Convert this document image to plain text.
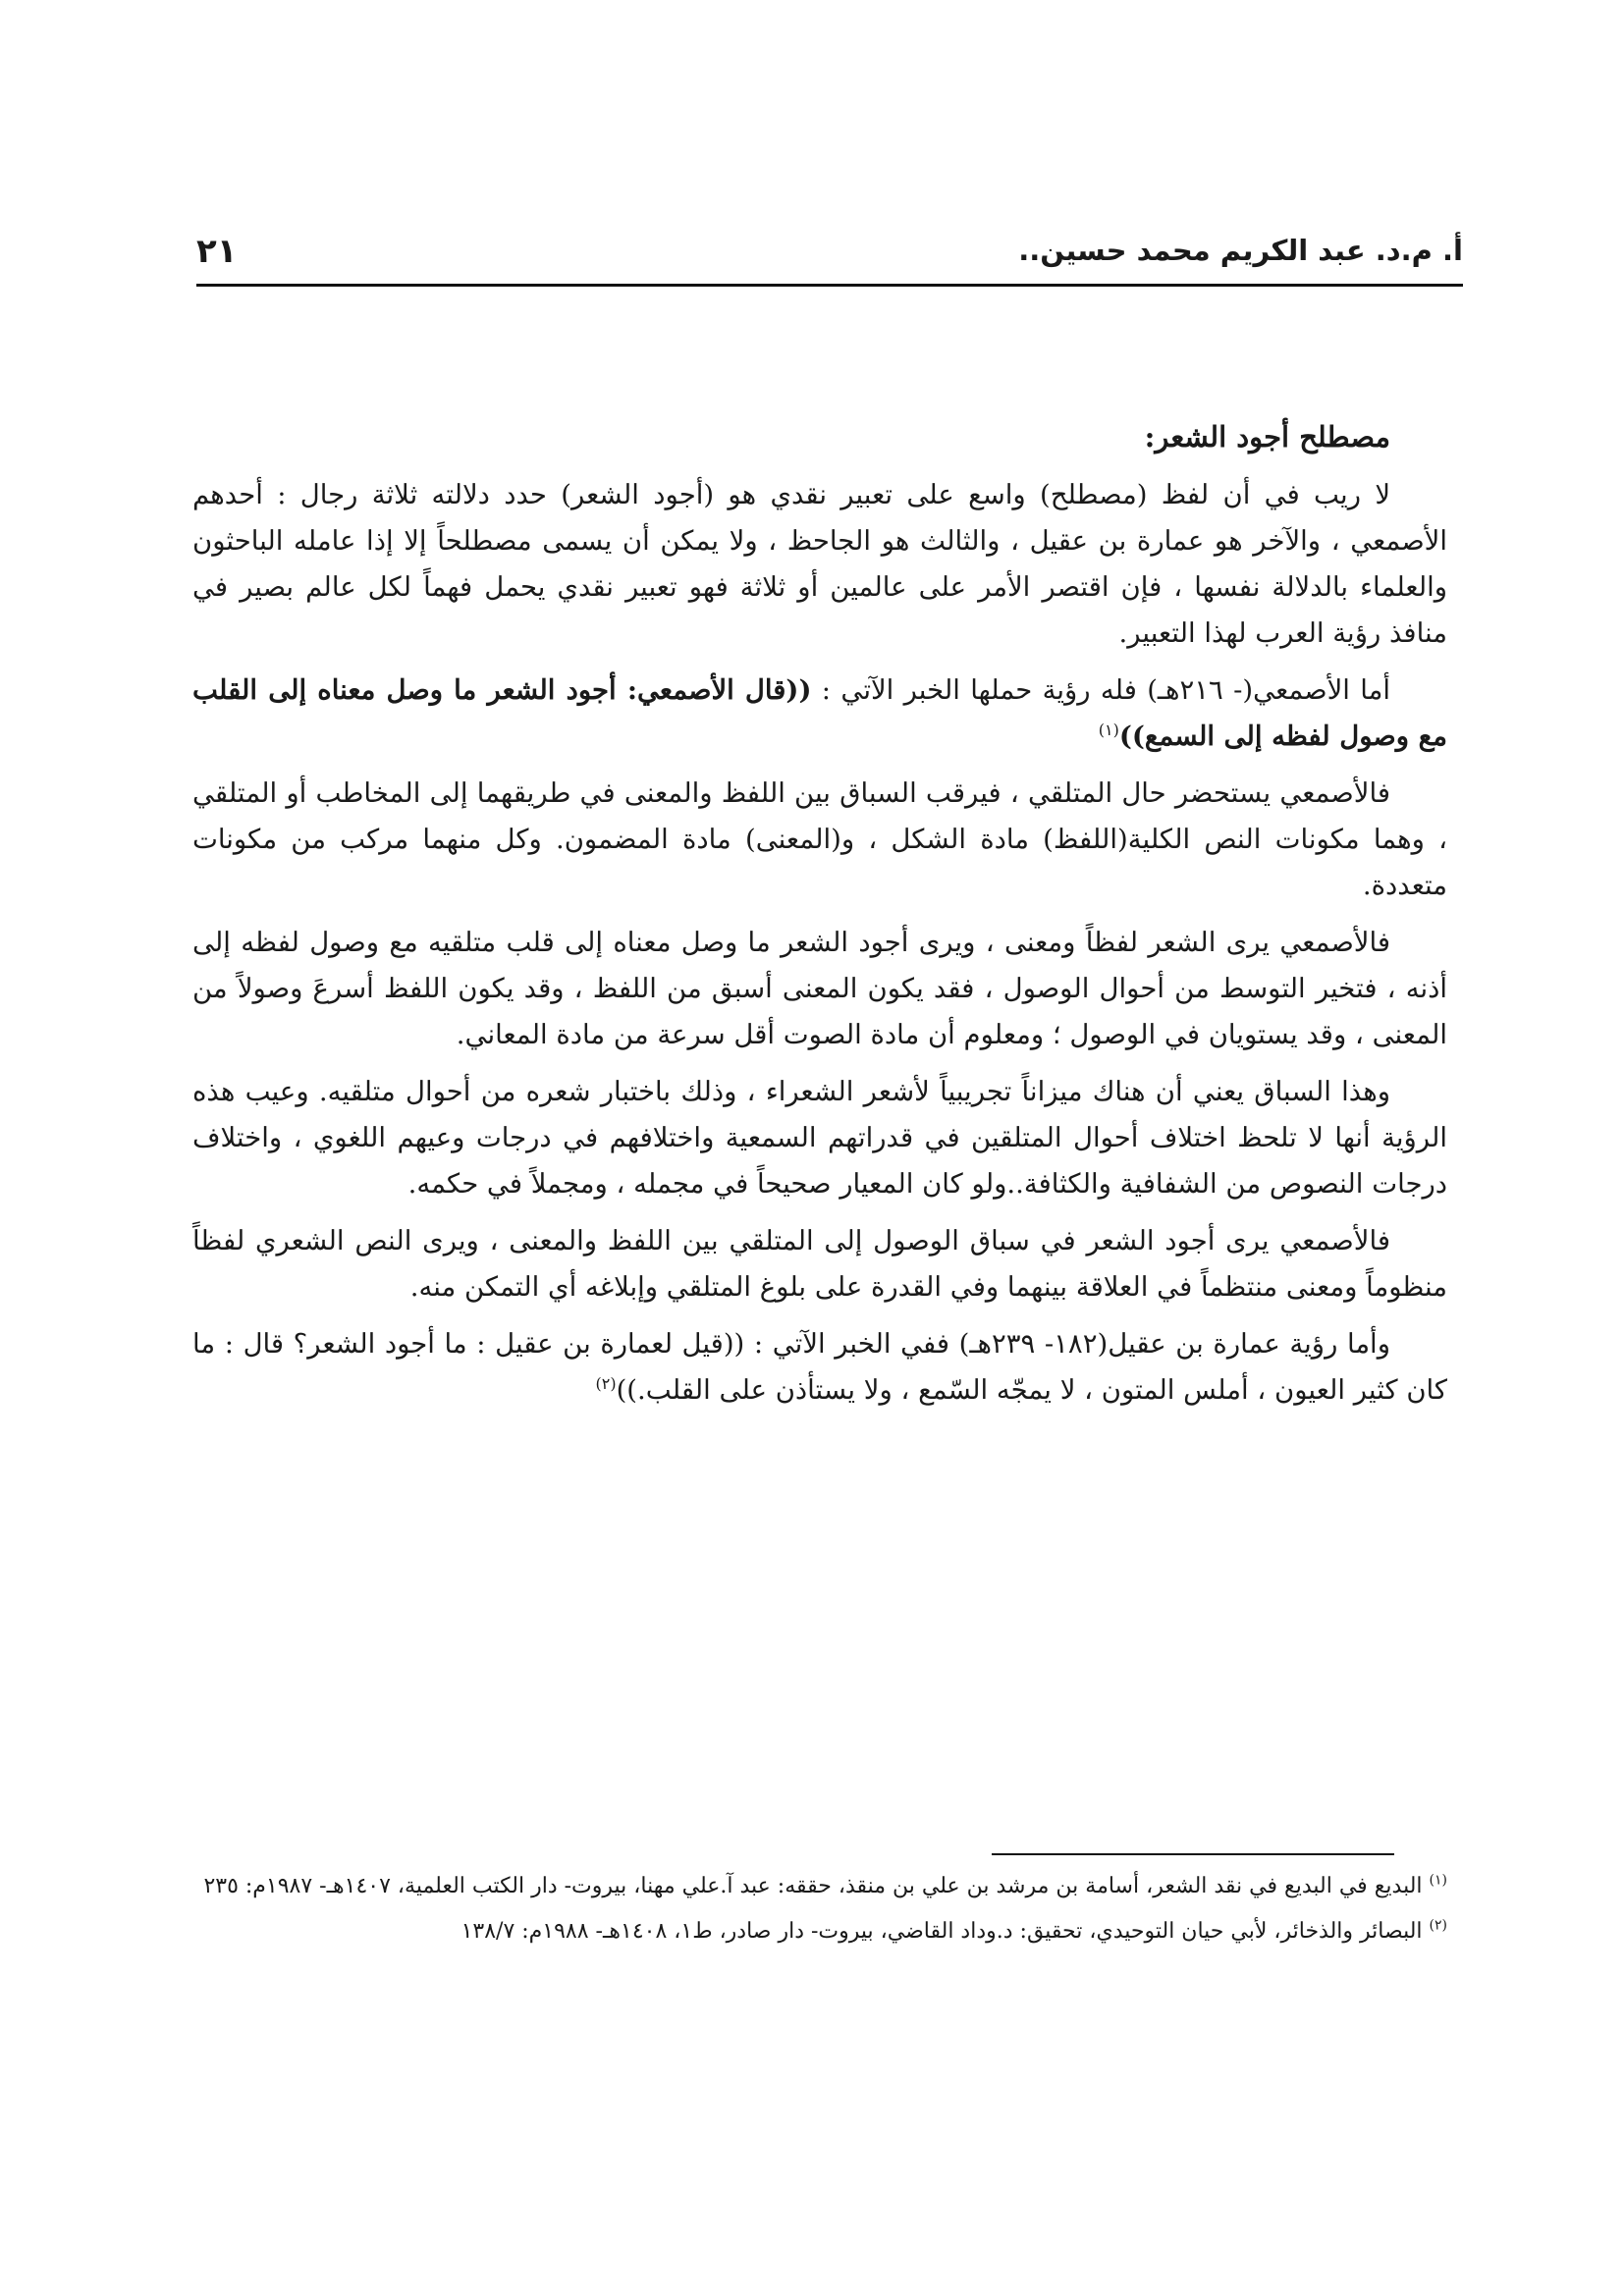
أ. م.د. عبد الكريم محمد حسين..
٢١
مصطلح أجود الشعر:

لا ريب في أن لفظ (مصطلح) واسع على تعبير نقدي هو (أجود الشعر) حدد دلالته ثلاثة رجال : أحدهم الأصمعي ، والآخر هو عمارة بن عقيل ، والثالث هو الجاحظ ، ولا يمكن أن يسمى مصطلحاً إلا إذا عامله الباحثون والعلماء بالدلالة نفسها ، فإن اقتصر الأمر على عالمين أو ثلاثة فهو تعبير نقدي يحمل فهماً لكل عالم بصير في منافذ رؤية العرب لهذا التعبير.

أما الأصمعي(- ٢١٦هـ) فله رؤية حملها الخبر الآتي : ((قال الأصمعي: أجود الشعر ما وصل معناه إلى القلب مع وصول لفظه إلى السمع))$^{(١)}$

فالأصمعي يستحضر حال المتلقي ، فيرقب السباق بين اللفظ والمعنى في طريقهما إلى المخاطب أو المتلقي ، وهما مكونات النص الكلية(اللفظ) مادة الشكل ، و(المعنى) مادة المضمون. وكل منهما مركب من مكونات متعددة.

فالأصمعي يرى الشعر لفظاً ومعنى ، ويرى أجود الشعر ما وصل معناه إلى قلب متلقيه مع وصول لفظه إلى أذنه ، فتخير التوسط من أحوال الوصول ، فقد يكون المعنى أسبق من اللفظ ، وقد يكون اللفظ أسرعَ وصولاً من المعنى ، وقد يستويان في الوصول ؛ ومعلوم أن مادة الصوت أقل سرعة من مادة المعاني.

وهذا السباق يعني أن هناك ميزاناً تجريبياً لأشعر الشعراء ، وذلك باختبار شعره من أحوال متلقيه. وعيب هذه الرؤية أنها لا تلحظ اختلاف أحوال المتلقين في قدراتهم السمعية واختلافهم في درجات وعيهم اللغوي ، واختلاف درجات النصوص من الشفافية والكثافة..ولو كان المعيار صحيحاً في مجمله ، ومجملاً في حكمه.

فالأصمعي يرى أجود الشعر في سباق الوصول إلى المتلقي بين اللفظ والمعنى ، ويرى النص الشعري لفظاً منظوماً ومعنى منتظماً في العلاقة بينهما وفي القدرة على بلوغ المتلقي وإبلاغه أي التمكن منه.

وأما رؤية عمارة بن عقيل(١٨٢- ٢٣٩هـ) ففي الخبر الآتي : ((قيل لعمارة بن عقيل : ما أجود الشعر؟ قال : ما كان كثير العيون ، أملس المتون ، لا يمجّه السّمع ، ولا يستأذن على القلب.))$^{(٢)}$

$^{(١)}$ البديع في البديع في نقد الشعر، أسامة بن مرشد بن علي بن منقذ، حققه: عبد آ.علي مهنا، بيروت- دار الكتب العلمية، ١٤٠٧هـ- ١٩٨٧م: ٢٣٥

$^{(٢)}$ البصائر والذخائر، لأبي حيان التوحيدي، تحقيق: د.وداد القاضي، بيروت- دار صادر، ط١، ١٤٠٨هـ- ١٩٨٨م: ١٣٨/٧
